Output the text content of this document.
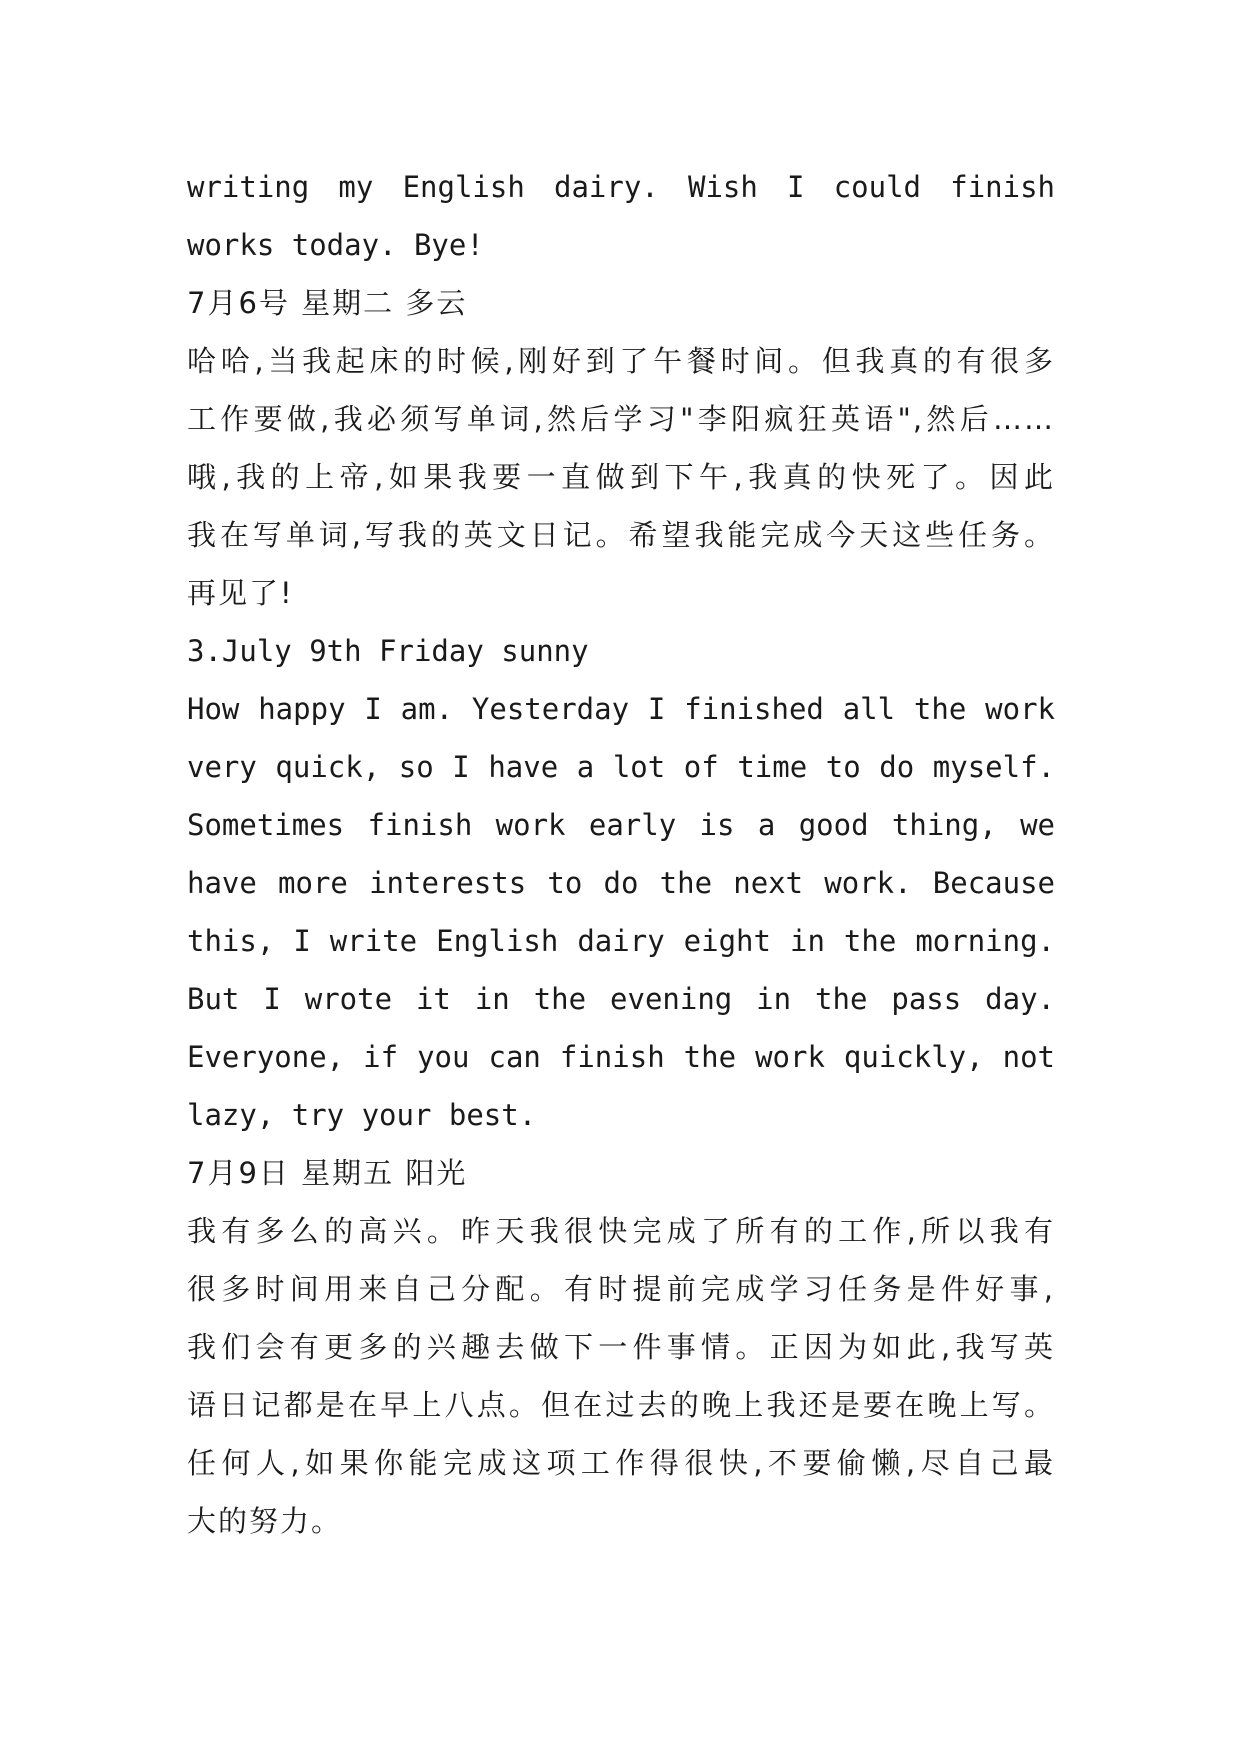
writing my English dairy. Wish I could finish
works today. Bye!
7月6号 星期二 多云
哈哈,当我起床的时候,刚好到了午餐时间。但我真的有很多
工作要做,我必须写单词,然后学习"李阳疯狂英语",然后……
哦,我的上帝,如果我要一直做到下午,我真的快死了。因此
我在写单词,写我的英文日记。希望我能完成今天这些任务。
再见了!
3.July 9th Friday sunny
How happy I am. Yesterday I finished all the work
very quick, so I have a lot of time to do myself.
Sometimes finish work early is a good thing, we
have more interests to do the next work. Because
this, I write English dairy eight in the morning.
But I wrote it in the evening in the pass day.
Everyone, if you can finish the work quickly, not
lazy, try your best.
7月9日 星期五 阳光
我有多么的高兴。昨天我很快完成了所有的工作,所以我有
很多时间用来自己分配。有时提前完成学习任务是件好事,
我们会有更多的兴趣去做下一件事情。正因为如此,我写英
语日记都是在早上八点。但在过去的晚上我还是要在晚上写。
任何人,如果你能完成这项工作得很快,不要偷懒,尽自己最
大的努力。
